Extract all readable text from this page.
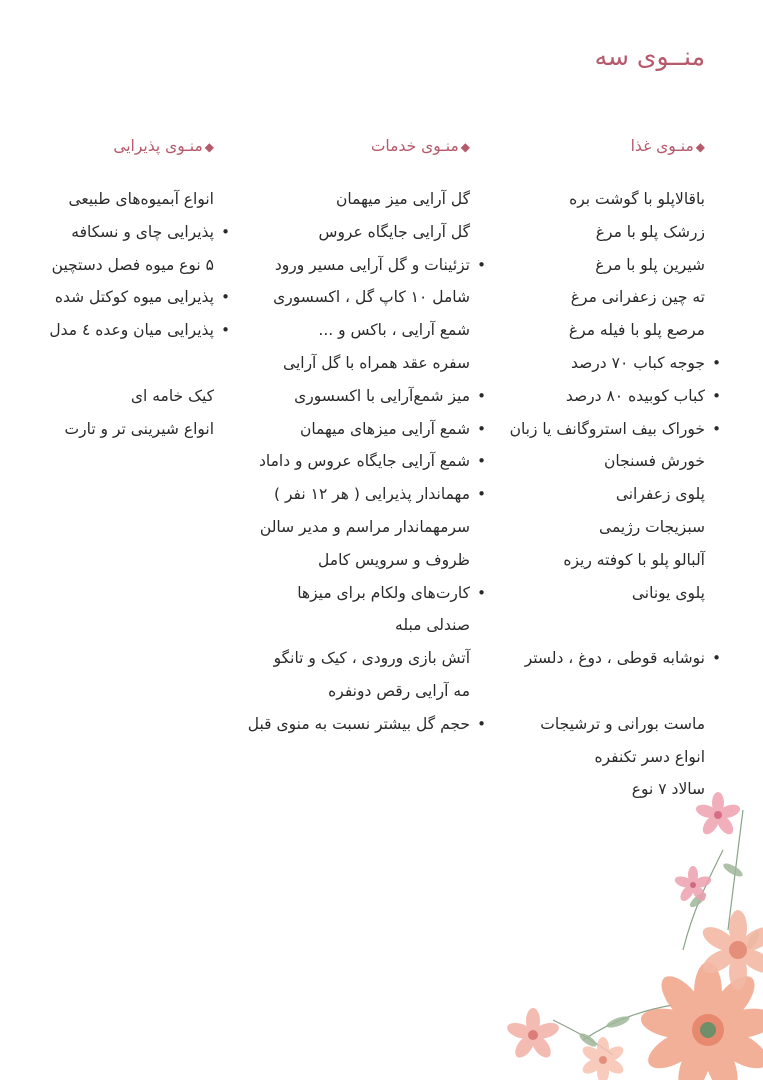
منــوی سه
◆منـوی غذا
باقالاپلو با گوشت بره
زرشک پلو با مرغ
شیرین پلو با مرغ
ته چین زعفرانی مرغ
مرصع پلو با فیله مرغ
• جوجه کباب ۷۰ درصد
• کباب کوبیده ۸۰ درصد
• خوراک بیف استروگانف یا زبان
خورش فسنجان
پلوی زعفرانی
سبزیجات رژیمی
آلبالو پلو با کوفته ریزه
پلوی یونانی
• نوشابه قوطی ، دوغ ، دلستر
ماست بورانی و ترشیجات
انواع دسر تکنفره
سالاد ۷ نوع
◆منـوی خدمات
گل آرایی میز میهمان
گل آرایی جایگاه عروس
• تزئینات و گل آرایی مسیر ورود
شامل ۱۰ کاپ گل ، اکسسوری
شمع آرایی ، باکس و ...
سفره عقد همراه با گل آرایی
• میز شمع‌آرایی با اکسسوری
• شمع آرایی میزهای میهمان
• شمع آرایی جایگاه عروس و داماد
• مهماندار پذیرایی ( هر ۱۲ نفر )
سرمهماندار مراسم و مدیر سالن
ظروف و سرویس کامل
• کارت‌های ولکام برای میزها
صندلی مبله
آتش بازی ورودی ، کیک و تانگو
مه آرایی رقص دونفره
• حجم گل بیشتر نسبت به منوی قبل
◆منـوی پذیرایی
انواع آبمیوه‌های طبیعی
• پذیرایی چای و نسکافه
۵ نوع میوه فصل دستچین
• پذیرایی میوه کوکتل شده
• پذیرایی میان وعده ٤ مدل
کیک خامه ای
انواع شیرینی تر و تارت
